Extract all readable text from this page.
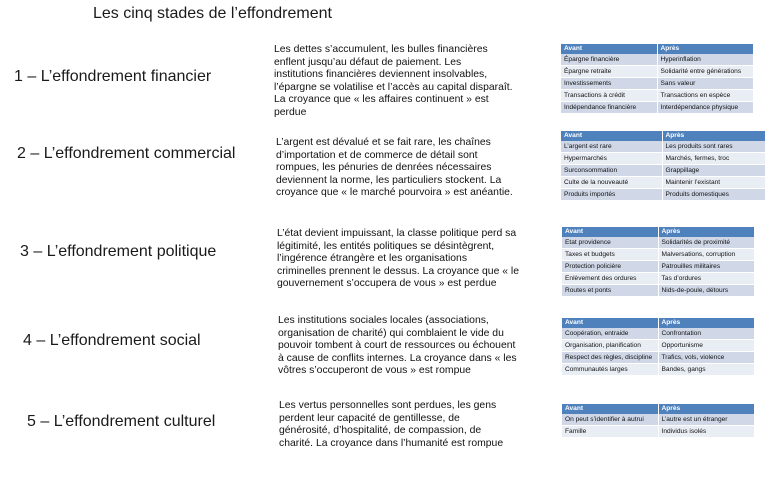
Les cinq stades de l’effondrement
1 – L’effondrement financier
Les dettes s’accumulent, les bulles financières
enflent jusqu’au défaut de paiement. Les
institutions financières deviennent insolvables,
l’épargne se volatilise et l’accès au capital disparaît.
La croyance que « les affaires continuent » est
perdue
Avant	Après
Épargne financière	Hyperinflation
Épargne retraite	Solidarité entre générations
Investissements	Sans valeur
Transactions à crédit	Transactions en espèce
Indépendance financière	Interdépendance physique
2 – L’effondrement commercial
L’argent est dévalué et se fait rare, les chaînes
d’importation et de commerce de détail sont
rompues, les pénuries de denrées nécessaires
deviennent la norme, les particuliers stockent. La
croyance que « le marché pourvoira » est anéantie.
Avant	Après
L’argent est rare	Les produits sont rares
Hypermarchés	Marchés, fermes, troc
Surconsommation	Grappillage
Culte de la nouveauté	Maintenir l’existant
Produits importés	Produits domestiques
3 – L’effondrement politique
L’état devient impuissant, la classe politique perd sa
légitimité, les entités politiques se désintègrent,
l’ingérence étrangère et les organisations
criminelles prennent le dessus. La croyance que « le
gouvernement s’occupera de vous » est perdue
Avant	Après
Etat providence	Solidarités de proximité
Taxes et budgets	Malversations, corruption
Protection policière	Patrouilles militaires
Enlèvement des ordures	Tas d’ordures
Routes et ponts	Nids-de-poule, détours
4 – L’effondrement social
Les institutions sociales locales (associations,
organisation de charité) qui comblaient le vide du
pouvoir tombent à court de ressources ou échouent
à cause de conflits internes. La croyance dans « les
vôtres s’occuperont de vous » est rompue
Avant	Après
Coopération, entraide	Confrontation
Organisation, planification	Opportunisme
Respect des règles, discipline	Trafics, vols, violence
Communautés larges	Bandes, gangs
5 – L’effondrement culturel
Les vertus personnelles sont perdues, les gens
perdent leur capacité de gentillesse, de
générosité, d’hospitalité, de compassion, de
charité. La croyance dans l’humanité est rompue
Avant	Après
On peut s’identifier à autrui	L’autre est un étranger
Famille	Individus isolés
